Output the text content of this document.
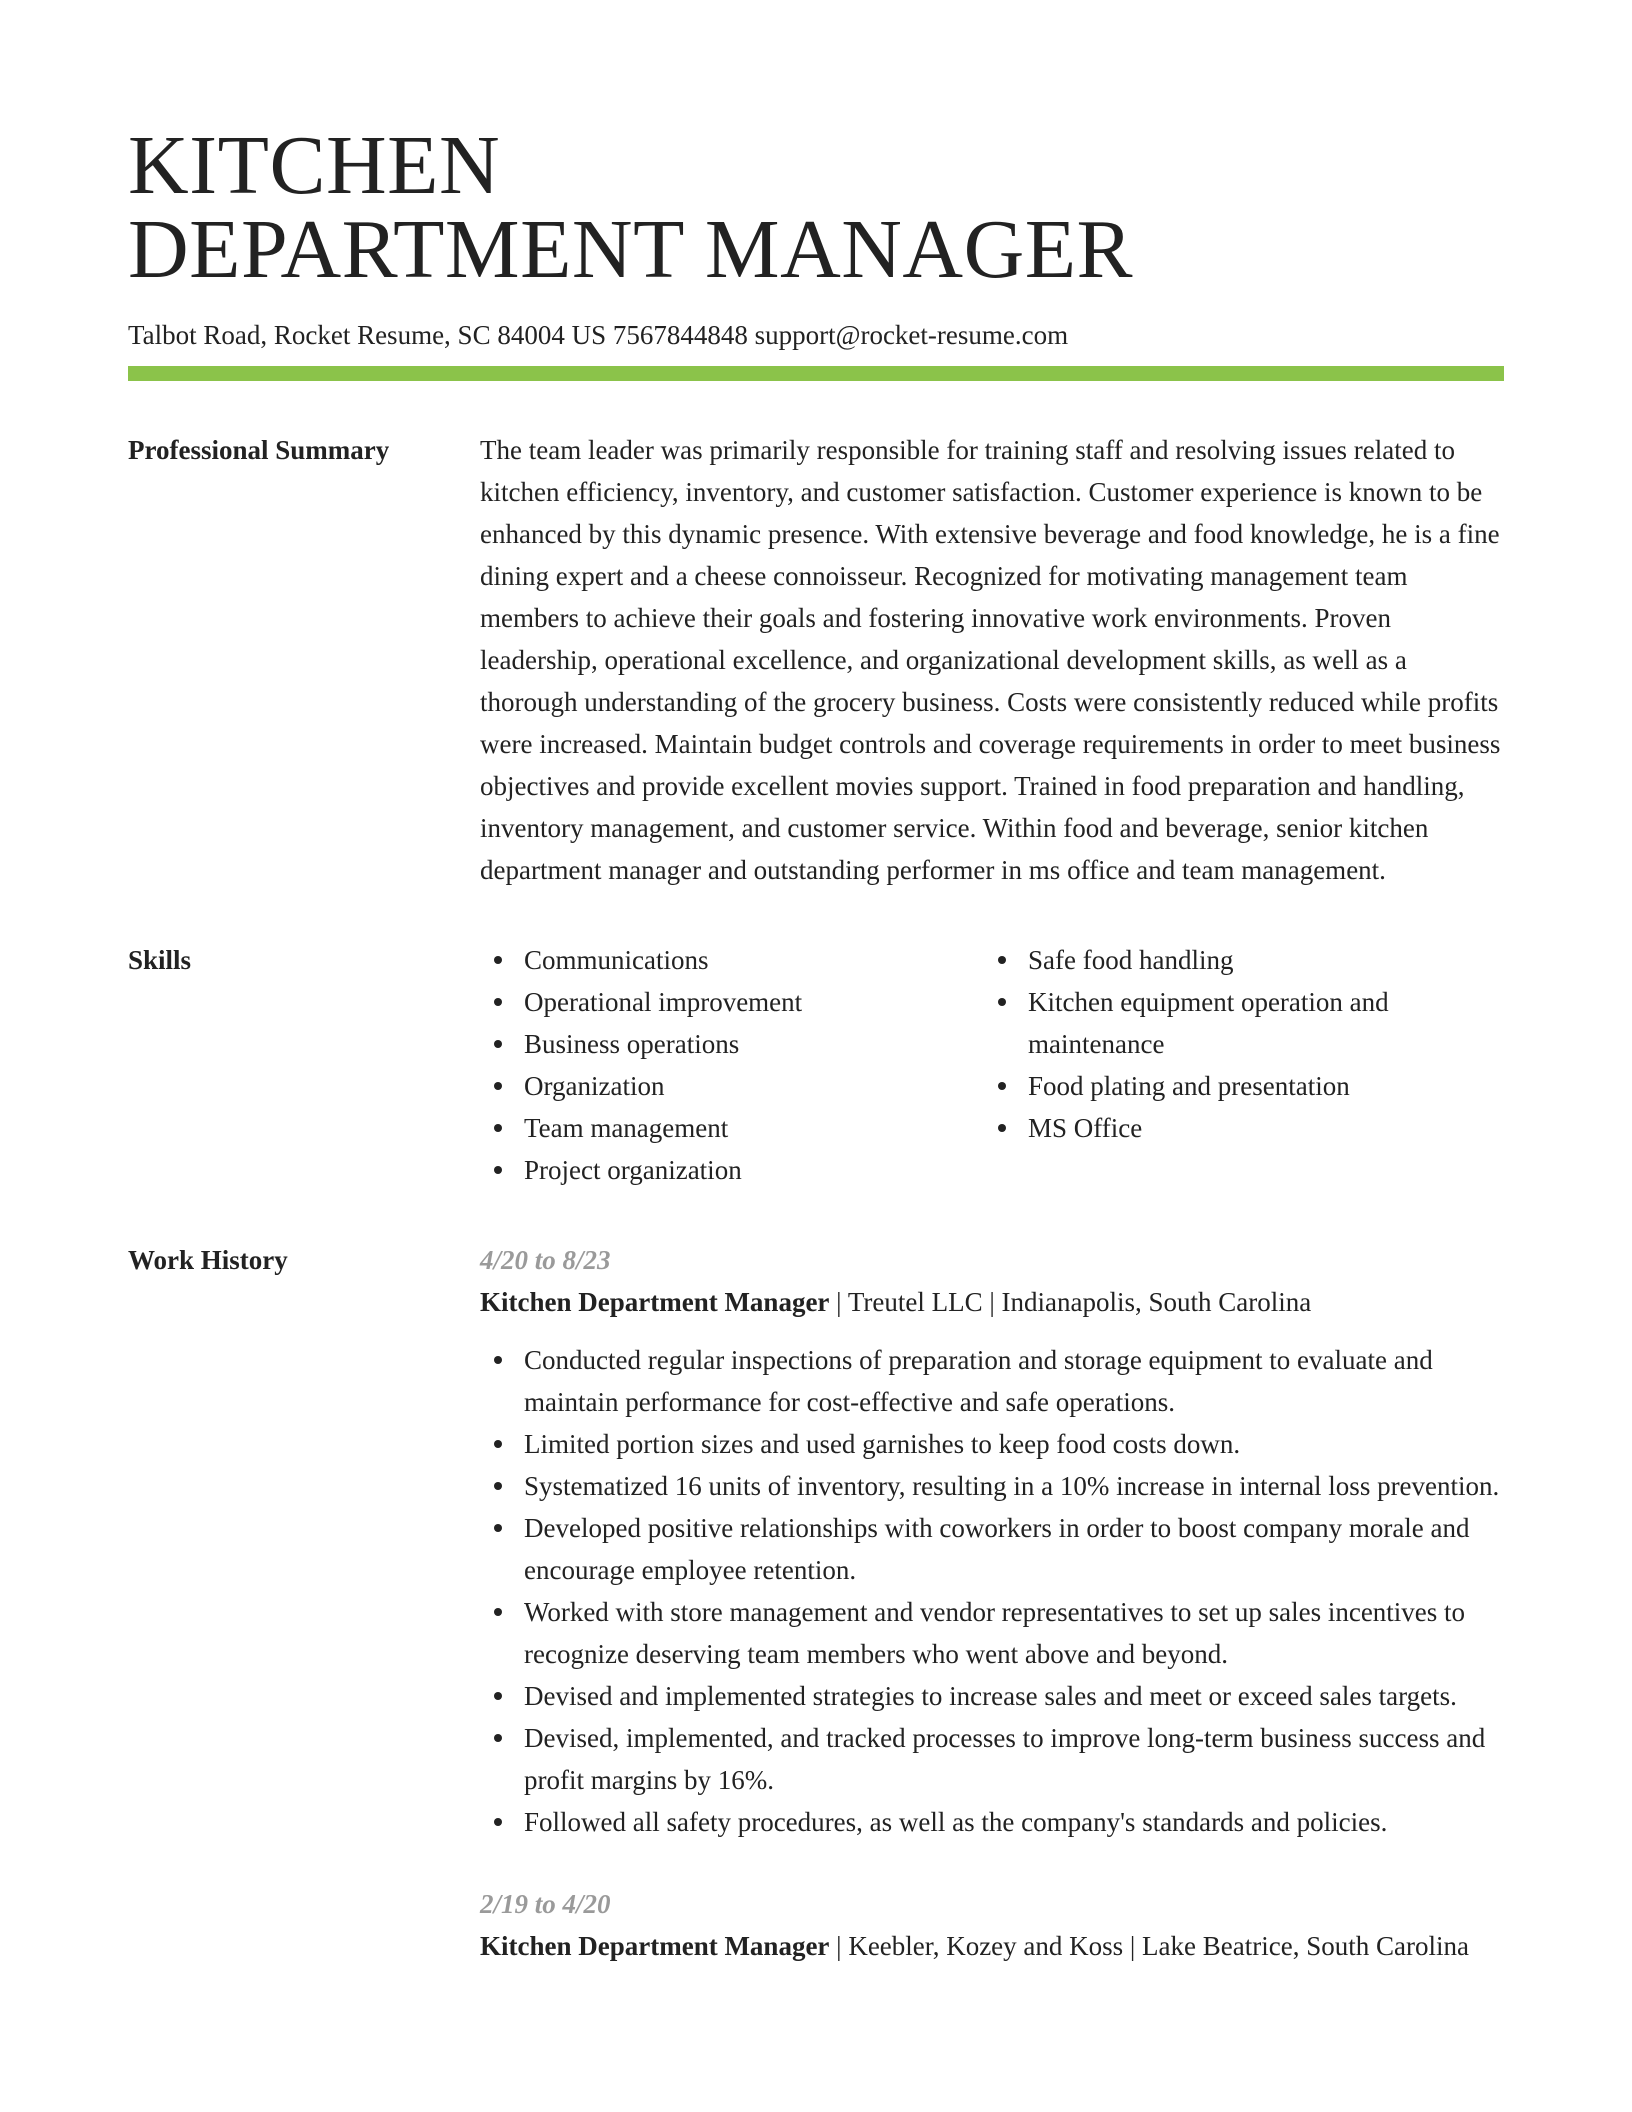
KITCHEN
DEPARTMENT MANAGER
Talbot Road, Rocket Resume, SC 84004 US 7567844848 support@rocket-resume.com
Professional Summary	The team leader was primarily responsible for training staff and resolving issues related to kitchen efficiency, inventory, and customer satisfaction. Customer experience is known to be enhanced by this dynamic presence. With extensive beverage and food knowledge, he is a fine dining expert and a cheese connoisseur. Recognized for motivating management team members to achieve their goals and fostering innovative work environments. Proven leadership, operational excellence, and organizational development skills, as well as a thorough understanding of the grocery business. Costs were consistently reduced while profits were increased. Maintain budget controls and coverage requirements in order to meet business objectives and provide excellent movies support. Trained in food preparation and handling, inventory management, and customer service. Within food and beverage, senior kitchen department manager and outstanding performer in ms office and team management.
Skills	Communications
Operational improvement
Business operations
Organization
Team management
Project organization
Safe food handling
Kitchen equipment operation and maintenance
Food plating and presentation
MS Office
Work History	4/20 to 8/23
Kitchen Department Manager | Treutel LLC | Indianapolis, South Carolina
Conducted regular inspections of preparation and storage equipment to evaluate and maintain performance for cost-effective and safe operations.
Limited portion sizes and used garnishes to keep food costs down.
Systematized 16 units of inventory, resulting in a 10% increase in internal loss prevention.
Developed positive relationships with coworkers in order to boost company morale and encourage employee retention.
Worked with store management and vendor representatives to set up sales incentives to recognize deserving team members who went above and beyond.
Devised and implemented strategies to increase sales and meet or exceed sales targets.
Devised, implemented, and tracked processes to improve long-term business success and profit margins by 16%.
Followed all safety procedures, as well as the company's standards and policies.
2/19 to 4/20
Kitchen Department Manager | Keebler, Kozey and Koss | Lake Beatrice, South Carolina
